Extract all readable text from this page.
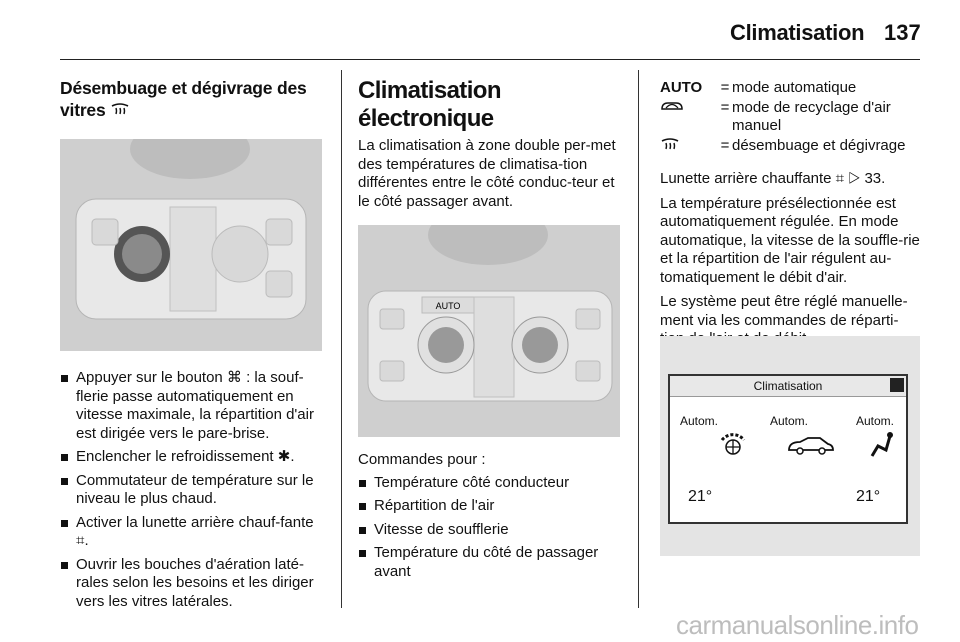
Climatisation 137
Désembuage et dégivrage des vitres
Appuyer sur le bouton ⌘ : la souf-flerie passe automatiquement en vitesse maximale, la répartition d'air est dirigée vers le pare-brise.
Enclencher le refroidissement ✱.
Commutateur de température sur le niveau le plus chaud.
Activer la lunette arrière chauf-fante ⌗.
Ouvrir les bouches d'aération laté-rales selon les besoins et les diriger vers les vitres latérales.
Climatisation électronique

La climatisation à zone double per-met des températures de climatisa-tion différentes entre le côté conduc-teur et le côté passager avant.

AUTO

Commandes pour :

Température côté conducteur
Répartition de l'air
Vitesse de soufflerie
Température du côté de passager avant
AUTO	= mode automatique
= mode de recyclage d'air manuel
= désembuage et dégivrage

Lunette arrière chauffante ⌗ ▷ 33.

La température présélectionnée est automatiquement régulée. En mode automatique, la vitesse de la souffle-rie et la répartition de l'air régulent au-tomatiquement le débit d'air.

Le système peut être réglé manuelle-ment via les commandes de réparti-

Climatisation
Autom.	Autom.	Autom.
21°	21°
carmanualsonline.info
